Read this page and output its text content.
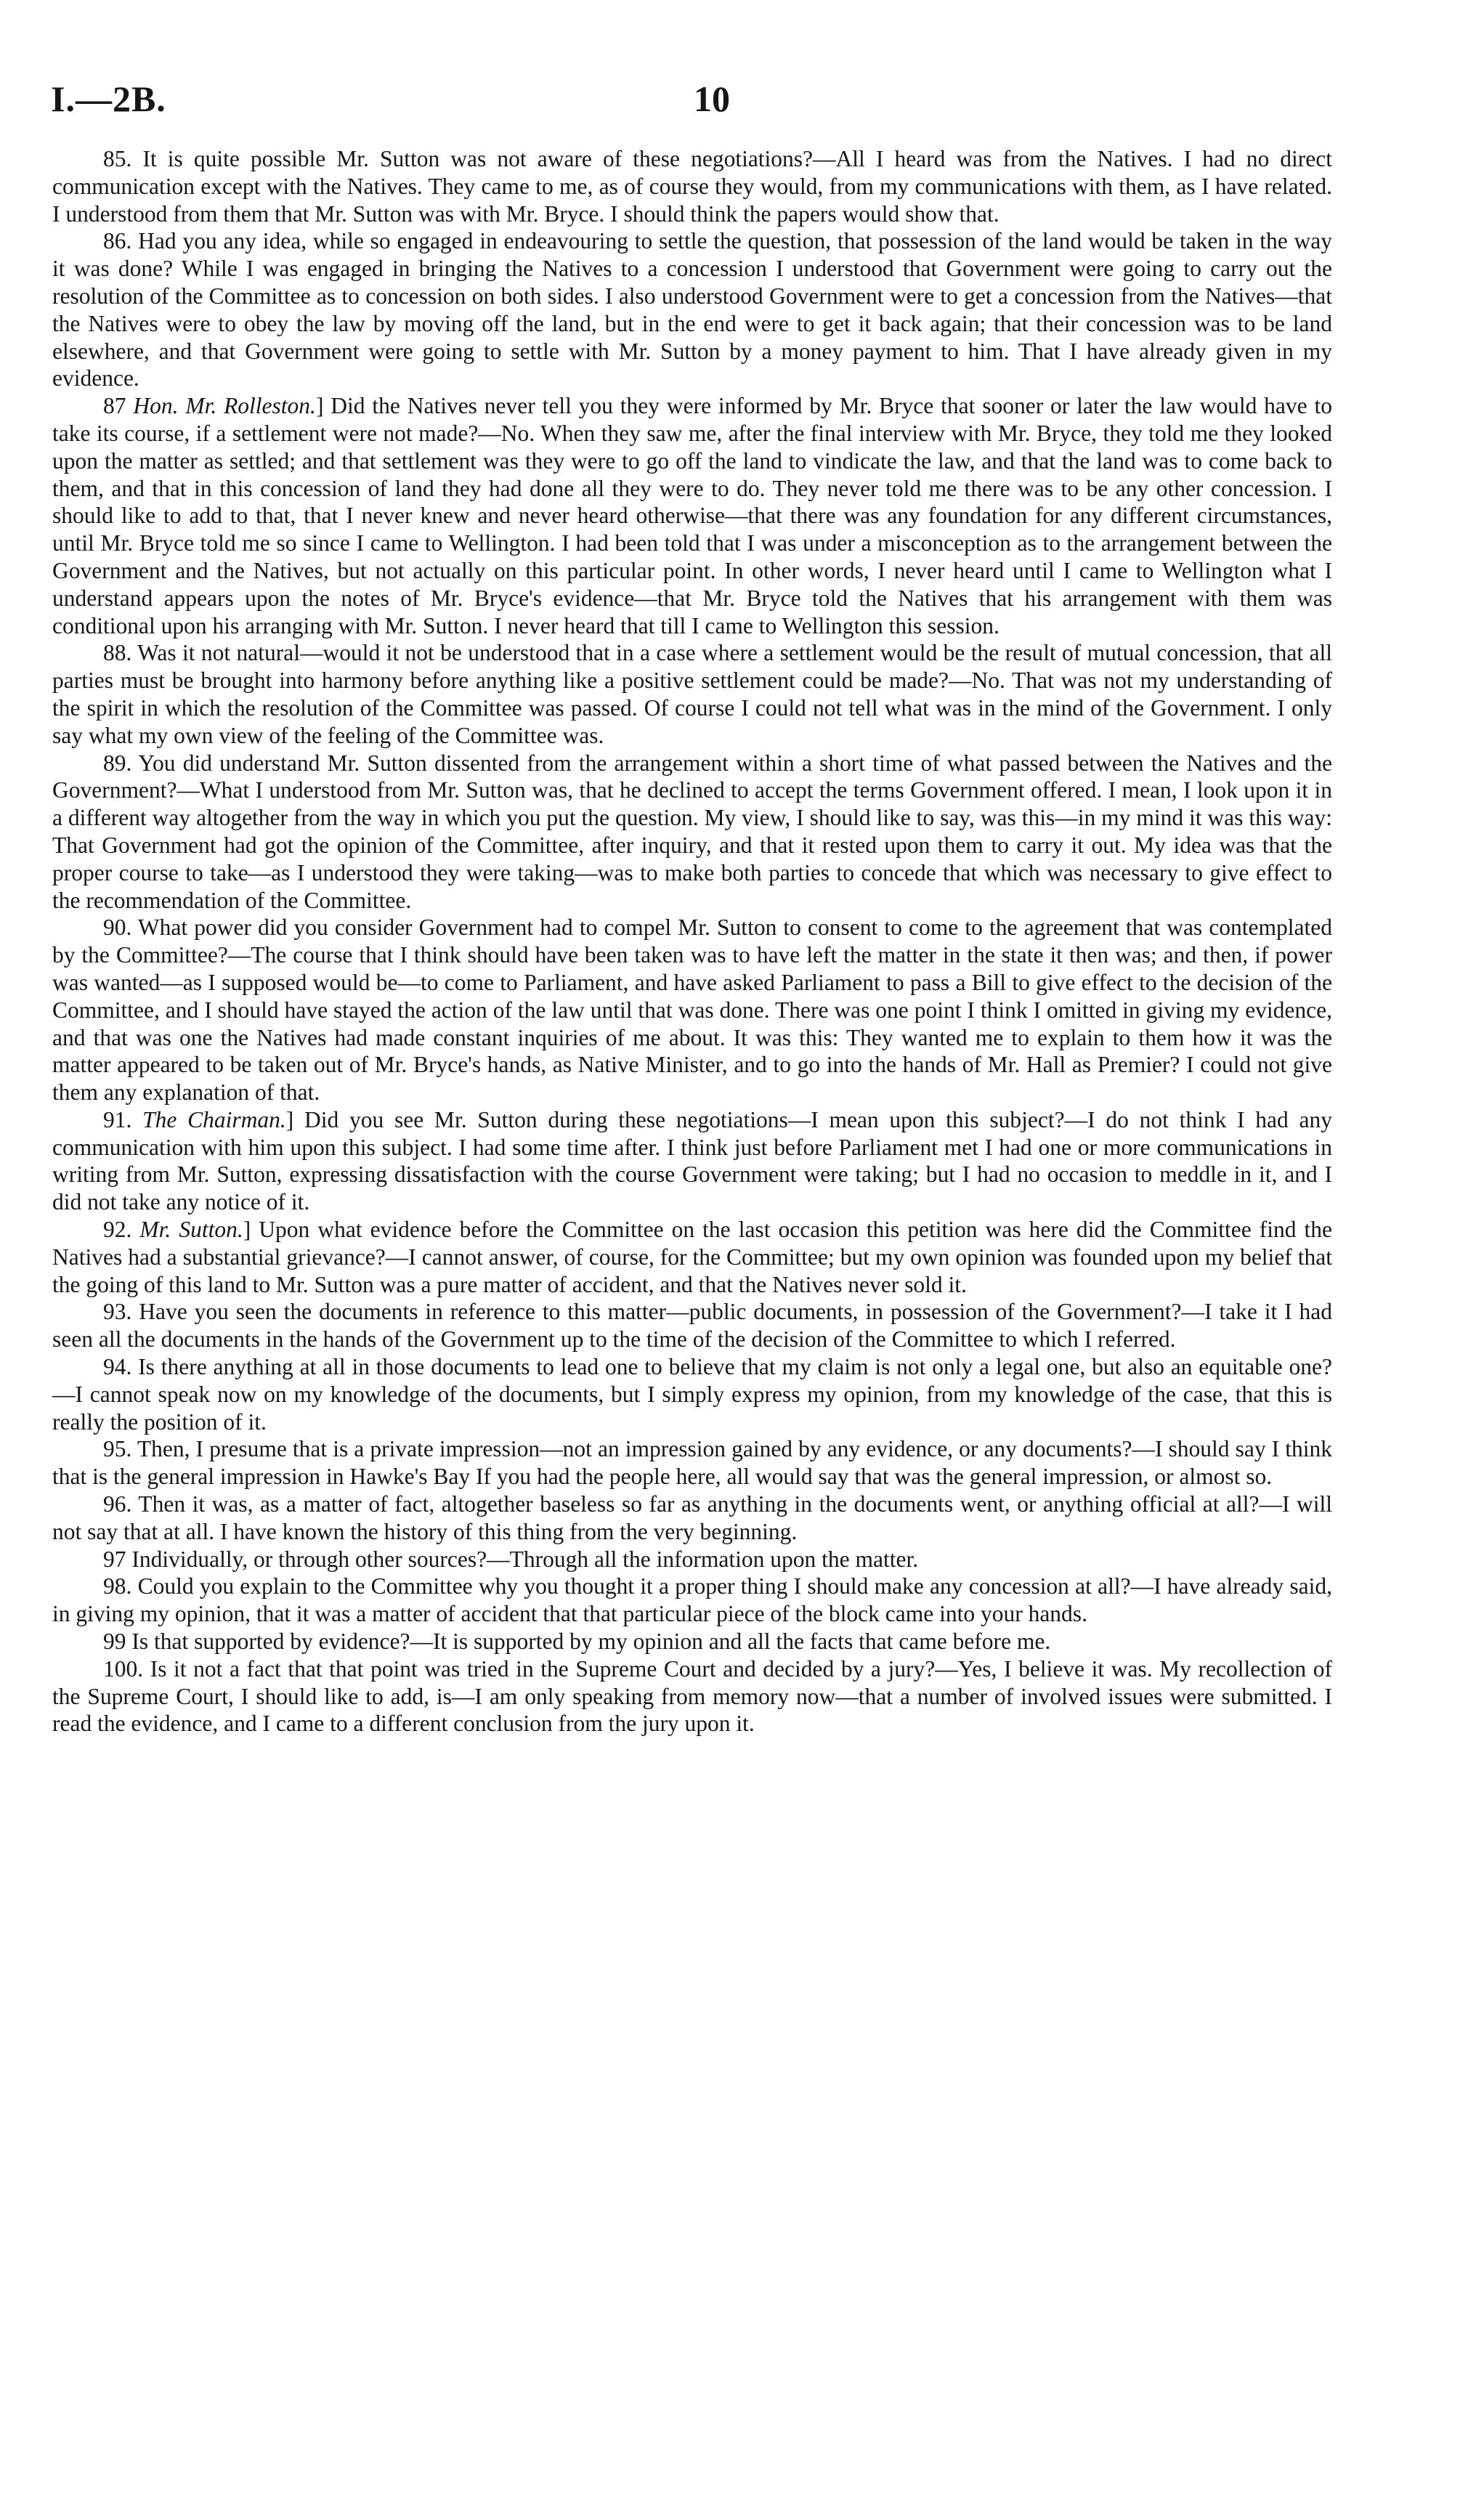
I.—2B.	10

85. It is quite possible Mr. Sutton was not aware of these negotiations?—All I heard was from the Natives. I had no direct communication except with the Natives. They came to me, as of course they would, from my communications with them, as I have related. I understood from them that Mr. Sutton was with Mr. Bryce. I should think the papers would show that.

86. Had you any idea, while so engaged in endeavouring to settle the question, that possession of the land would be taken in the way it was done? While I was engaged in bringing the Natives to a concession I understood that Government were going to carry out the resolution of the Committee as to concession on both sides. I also understood Government were to get a concession from the Natives—that the Natives were to obey the law by moving off the land, but in the end were to get it back again; that their concession was to be land elsewhere, and that Government were going to settle with Mr. Sutton by a money payment to him. That I have already given in my evidence.

87 Hon. Mr. Rolleston.] Did the Natives never tell you they were informed by Mr. Bryce that sooner or later the law would have to take its course, if a settlement were not made?—No. When they saw me, after the final interview with Mr. Bryce, they told me they looked upon the matter as settled; and that settlement was they were to go off the land to vindicate the law, and that the land was to come back to them, and that in this concession of land they had done all they were to do. They never told me there was to be any other concession. I should like to add to that, that I never knew and never heard otherwise—that there was any foundation for any different circumstances, until Mr. Bryce told me so since I came to Wellington. I had been told that I was under a misconception as to the arrangement between the Government and the Natives, but not actually on this particular point. In other words, I never heard until I came to Wellington what I understand appears upon the notes of Mr. Bryce's evidence—that Mr. Bryce told the Natives that his arrangement with them was conditional upon his arranging with Mr. Sutton. I never heard that till I came to Wellington this session.

88. Was it not natural—would it not be understood that in a case where a settlement would be the result of mutual concession, that all parties must be brought into harmony before anything like a positive settlement could be made?—No. That was not my understanding of the spirit in which the resolution of the Committee was passed. Of course I could not tell what was in the mind of the Government. I only say what my own view of the feeling of the Committee was.

89. You did understand Mr. Sutton dissented from the arrangement within a short time of what passed between the Natives and the Government?—What I understood from Mr. Sutton was, that he declined to accept the terms Government offered. I mean, I look upon it in a different way altogether from the way in which you put the question. My view, I should like to say, was this—in my mind it was this way: That Government had got the opinion of the Committee, after inquiry, and that it rested upon them to carry it out. My idea was that the proper course to take—as I understood they were taking—was to make both parties to concede that which was necessary to give effect to the recommendation of the Committee.

90. What power did you consider Government had to compel Mr. Sutton to consent to come to the agreement that was contemplated by the Committee?—The course that I think should have been taken was to have left the matter in the state it then was; and then, if power was wanted—as I supposed would be—to come to Parliament, and have asked Parliament to pass a Bill to give effect to the decision of the Committee, and I should have stayed the action of the law until that was done. There was one point I think I omitted in giving my evidence, and that was one the Natives had made constant inquiries of me about. It was this: They wanted me to explain to them how it was the matter appeared to be taken out of Mr. Bryce's hands, as Native Minister, and to go into the hands of Mr. Hall as Premier? I could not give them any explanation of that.

91. The Chairman.] Did you see Mr. Sutton during these negotiations—I mean upon this subject?—I do not think I had any communication with him upon this subject. I had some time after. I think just before Parliament met I had one or more communications in writing from Mr. Sutton, expressing dissatisfaction with the course Government were taking; but I had no occasion to meddle in it, and I did not take any notice of it.

92. Mr. Sutton.] Upon what evidence before the Committee on the last occasion this petition was here did the Committee find the Natives had a substantial grievance?—I cannot answer, of course, for the Committee; but my own opinion was founded upon my belief that the going of this land to Mr. Sutton was a pure matter of accident, and that the Natives never sold it.

93. Have you seen the documents in reference to this matter—public documents, in possession of the Government?—I take it I had seen all the documents in the hands of the Government up to the time of the decision of the Committee to which I referred.

94. Is there anything at all in those documents to lead one to believe that my claim is not only a legal one, but also an equitable one?—I cannot speak now on my knowledge of the documents, but I simply express my opinion, from my knowledge of the case, that this is really the position of it.

95. Then, I presume that is a private impression—not an impression gained by any evidence, or any documents?—I should say I think that is the general impression in Hawke's Bay If you had the people here, all would say that was the general impression, or almost so.

96. Then it was, as a matter of fact, altogether baseless so far as anything in the documents went, or anything official at all?—I will not say that at all. I have known the history of this thing from the very beginning.

97 Individually, or through other sources?—Through all the information upon the matter.

98. Could you explain to the Committee why you thought it a proper thing I should make any concession at all?—I have already said, in giving my opinion, that it was a matter of accident that that particular piece of the block came into your hands.

99 Is that supported by evidence?—It is supported by my opinion and all the facts that came before me.

100. Is it not a fact that that point was tried in the Supreme Court and decided by a jury?—Yes, I believe it was. My recollection of the Supreme Court, I should like to add, is—I am only speaking from memory now—that a number of involved issues were submitted. I read the evidence, and I came to a different conclusion from the jury upon it.
